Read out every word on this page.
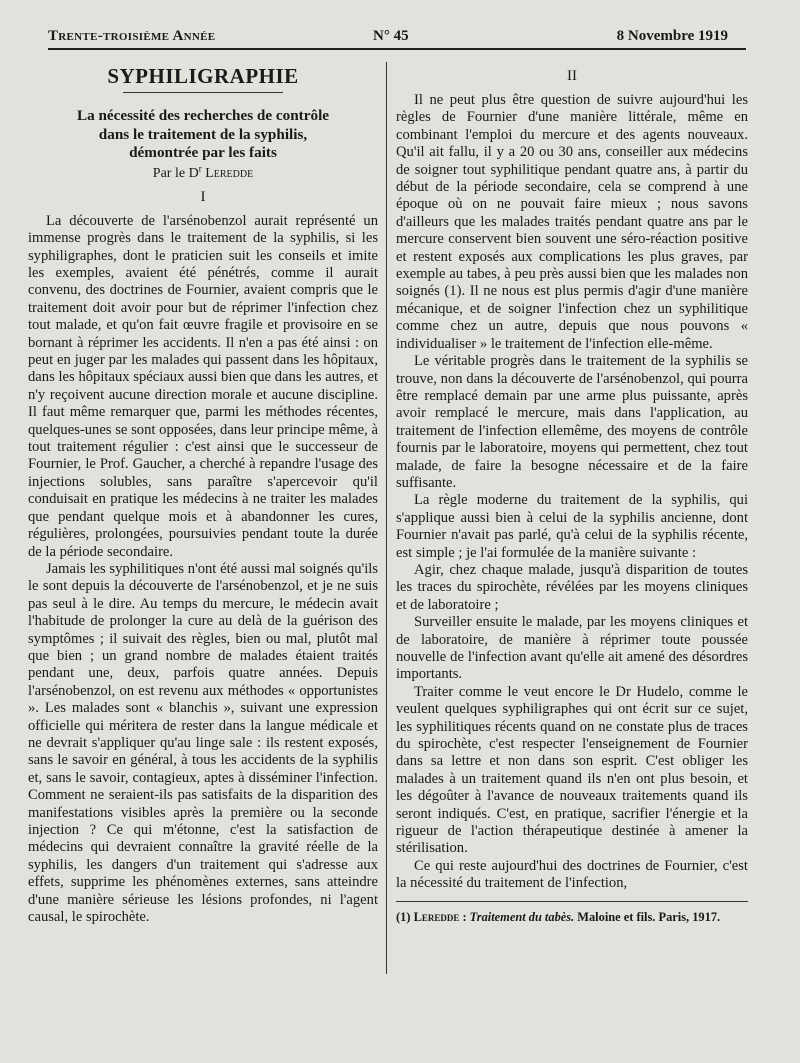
Trente-troisième Année	N° 45	8 Novembre 1919
SYPHILIGRAPHIE
La nécessité des recherches de contrôle
dans le traitement de la syphilis,
démontrée par les faits
Par le $D^r$ Leredde
I

La découverte de l'arsénobenzol aurait représenté un immense progrès dans le traitement de la syphilis, si les syphiligraphes, dont le praticien suit les conseils et imite les exemples, avaient été pénétrés, comme il aurait convenu, des doctrines de Fournier, avaient compris que le traitement doit avoir pour but de réprimer l'infection chez tout malade, et qu'on fait œuvre fragile et provisoire en se bornant à réprimer les accidents. Il n'en a pas été ainsi : on peut en juger par les malades qui passent dans les hôpitaux, dans les hôpitaux spéciaux aussi bien que dans les autres, et n'y reçoivent aucune direction morale et aucune discipline. Il faut même remarquer que, parmi les méthodes récentes, quelques-unes se sont opposées, dans leur principe même, à tout traitement régulier : c'est ainsi que le successeur de Fournier, le Prof. Gaucher, a cherché à repandre l'usage des injections solubles, sans paraître s'apercevoir qu'il conduisait en pratique les médecins à ne traiter les malades que pendant quelque mois et à abandonner les cures, régulières, prolongées, poursuivies pendant toute la durée de la période secondaire.

Jamais les syphilitiques n'ont été aussi mal soignés qu'ils le sont depuis la découverte de l'arsénobenzol, et je ne suis pas seul à le dire. Au temps du mercure, le médecin avait l'habitude de prolonger la cure au delà de la guérison des symptômes ; il suivait des règles, bien ou mal, plutôt mal que bien ; un grand nombre de malades étaient traités pendant une, deux, parfois quatre années. Depuis l'arsénobenzol, on est revenu aux méthodes « opportunistes ». Les malades sont « blanchis », suivant une expression officielle qui méritera de rester dans la langue médicale et ne devrait s'appliquer qu'au linge sale : ils restent exposés, sans le savoir en général, à tous les accidents de la syphilis et, sans le savoir, contagieux, aptes à disséminer l'infection. Comment ne seraient-ils pas satisfaits de la disparition des manifestations visibles après la première ou la seconde injection ? Ce qui m'étonne, c'est la satisfaction de médecins qui devraient connaître la gravité réelle de la syphilis, les dangers d'un traitement qui s'adresse aux effets, supprime les phénomènes externes, sans atteindre d'une manière sérieuse les lésions profondes, ni l'agent causal, le spirochète.

II

Il ne peut plus être question de suivre aujourd'hui les règles de Fournier d'une manière littérale, même en combinant l'emploi du mercure et des agents nouveaux. Qu'il ait fallu, il y a 20 ou 30 ans, conseiller aux médecins de soigner tout syphilitique pendant quatre ans, à partir du début de la période secondaire, cela se comprend à une époque où on ne pouvait faire mieux ; nous savons d'ailleurs que les malades traités pendant quatre ans par le mercure conservent bien souvent une séro-réaction positive et restent exposés aux complications les plus graves, par exemple au tabes, à peu près aussi bien que les malades non soignés (1). Il ne nous est plus permis d'agir d'une manière mécanique, et de soigner l'infection chez un syphilitique comme chez un autre, depuis que nous pouvons « individualiser » le traitement de l'infection elle-même.

Le véritable progrès dans le traitement de la syphilis se trouve, non dans la découverte de l'arsénobenzol, qui pourra être remplacé demain par une arme plus puissante, après avoir remplacé le mercure, mais dans l'application, au traitement de l'infection ellemême, des moyens de contrôle fournis par le laboratoire, moyens qui permettent, chez tout malade, de faire la besogne nécessaire et de la faire suffisante.

La règle moderne du traitement de la syphilis, qui s'applique aussi bien à celui de la syphilis ancienne, dont Fournier n'avait pas parlé, qu'à celui de la syphilis récente, est simple ; je l'ai formulée de la manière suivante :

Agir, chez chaque malade, jusqu'à disparition de toutes les traces du spirochète, révélées par les moyens cliniques et de laboratoire ;

Surveiller ensuite le malade, par les moyens cliniques et de laboratoire, de manière à réprimer toute poussée nouvelle de l'infection avant qu'elle ait amené des désordres importants.

Traiter comme le veut encore le Dr Hudelo, comme le veulent quelques syphiligraphes qui ont écrit sur ce sujet, les syphilitiques récents quand on ne constate plus de traces du spirochète, c'est respecter l'enseignement de Fournier dans sa lettre et non dans son esprit. C'est obliger les malades à un traitement quand ils n'en ont plus besoin, et les dégoûter à l'avance de nouveaux traitements quand ils seront indiqués. C'est, en pratique, sacrifier l'énergie et la rigueur de l'action thérapeutique destinée à amener la stérilisation.

Ce qui reste aujourd'hui des doctrines de Fournier, c'est la nécessité du traitement de l'infection,

(1) Leredde : Traitement du tabès. Maloine et fils. Paris, 1917.
